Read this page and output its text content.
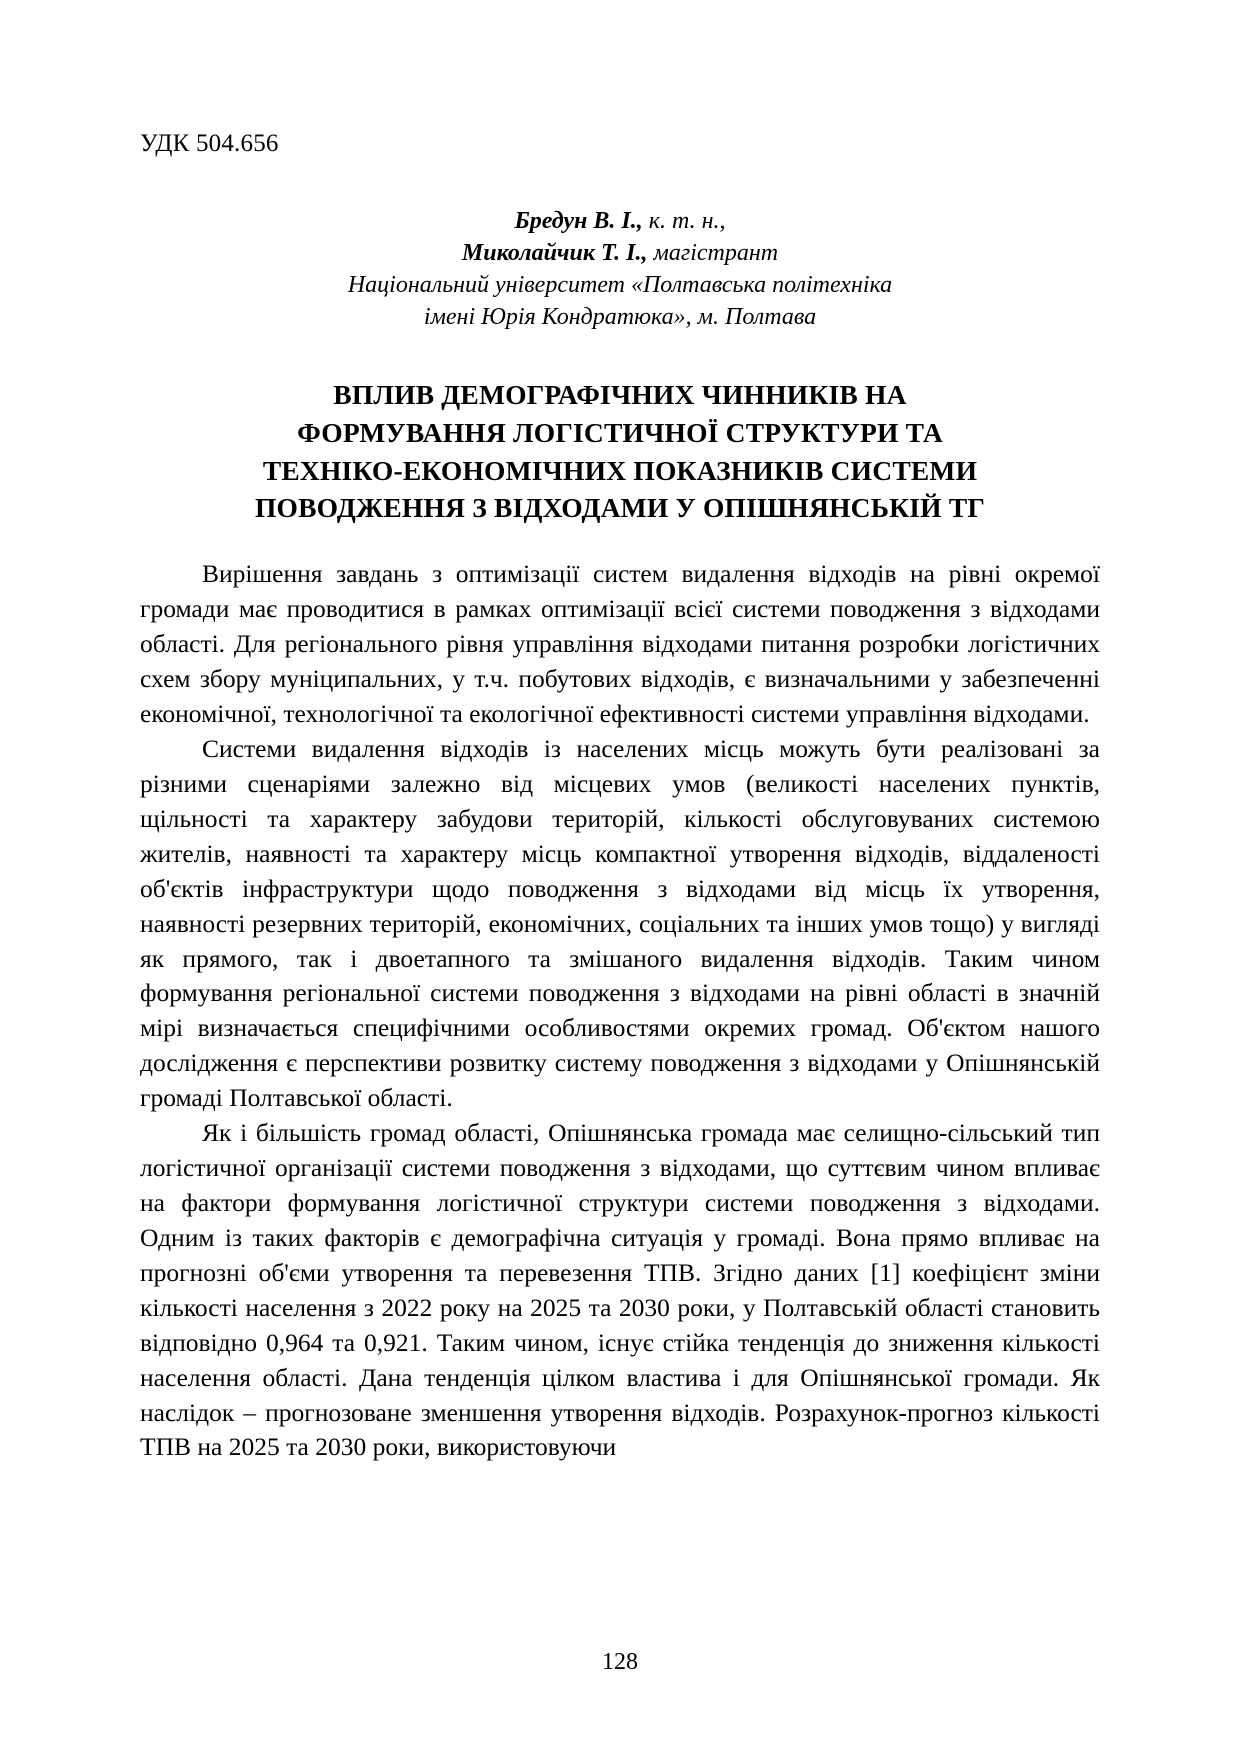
УДК 504.656

Бредун В. І., к. т. н.,

Миколайчик Т. І., магістрант

Національний університет «Полтавська політехніка

імені Юрія Кондратюка», м. Полтава

ВПЛИВ ДЕМОГРАФІЧНИХ ЧИННИКІВ НА
ФОРМУВАННЯ ЛОГІСТИЧНОЇ СТРУКТУРИ ТА
ТЕХНІКО-ЕКОНОМІЧНИХ ПОКАЗНИКІВ СИСТЕМИ
ПОВОДЖЕННЯ З ВІДХОДАМИ У ОПІШНЯНСЬКІЙ ТГ

Вирішення завдань з оптимізації систем видалення відходів на рівні окремої громади має проводитися в рамках оптимізації всієї системи поводження з відходами області. Для регіонального рівня управління відходами питання розробки логістичних схем збору муніципальних, у т.ч. побутових відходів, є визначальними у забезпеченні економічної, технологічної та екологічної ефективності системи управління відходами.

Системи видалення відходів із населених місць можуть бути реалізовані за різними сценаріями залежно від місцевих умов (великості населених пунктів, щільності та характеру забудови територій, кількості обслуговуваних системою жителів, наявності та характеру місць компактної утворення відходів, віддаленості об'єктів інфраструктури щодо поводження з відходами від місць їх утворення, наявності резервних територій, економічних, соціальних та інших умов тощо) у вигляді як прямого, так і двоетапного та змішаного видалення відходів. Таким чином формування регіональної системи поводження з відходами на рівні області в значній мірі визначається специфічними особливостями окремих громад. Об'єктом нашого дослідження є перспективи розвитку систему поводження з відходами у Опішнянській громаді Полтавської області.

Як і більшість громад області, Опішнянська громада має селищно-сільський тип логістичної організації системи поводження з відходами, що суттєвим чином впливає на фактори формування логістичної структури системи поводження з відходами. Одним із таких факторів є демографічна ситуація у громаді. Вона прямо впливає на прогнозні об'єми утворення та перевезення ТПВ. Згідно даних [1] коефіцієнт зміни кількості населення з 2022 року на 2025 та 2030 роки, у Полтавській області становить відповідно 0,964 та 0,921. Таким чином, існує стійка тенденція до зниження кількості населення області. Дана тенденція цілком властива і для Опішнянської громади. Як наслідок – прогнозоване зменшення утворення відходів. Розрахунок-прогноз кількості ТПВ на 2025 та 2030 роки, використовуючи

128
